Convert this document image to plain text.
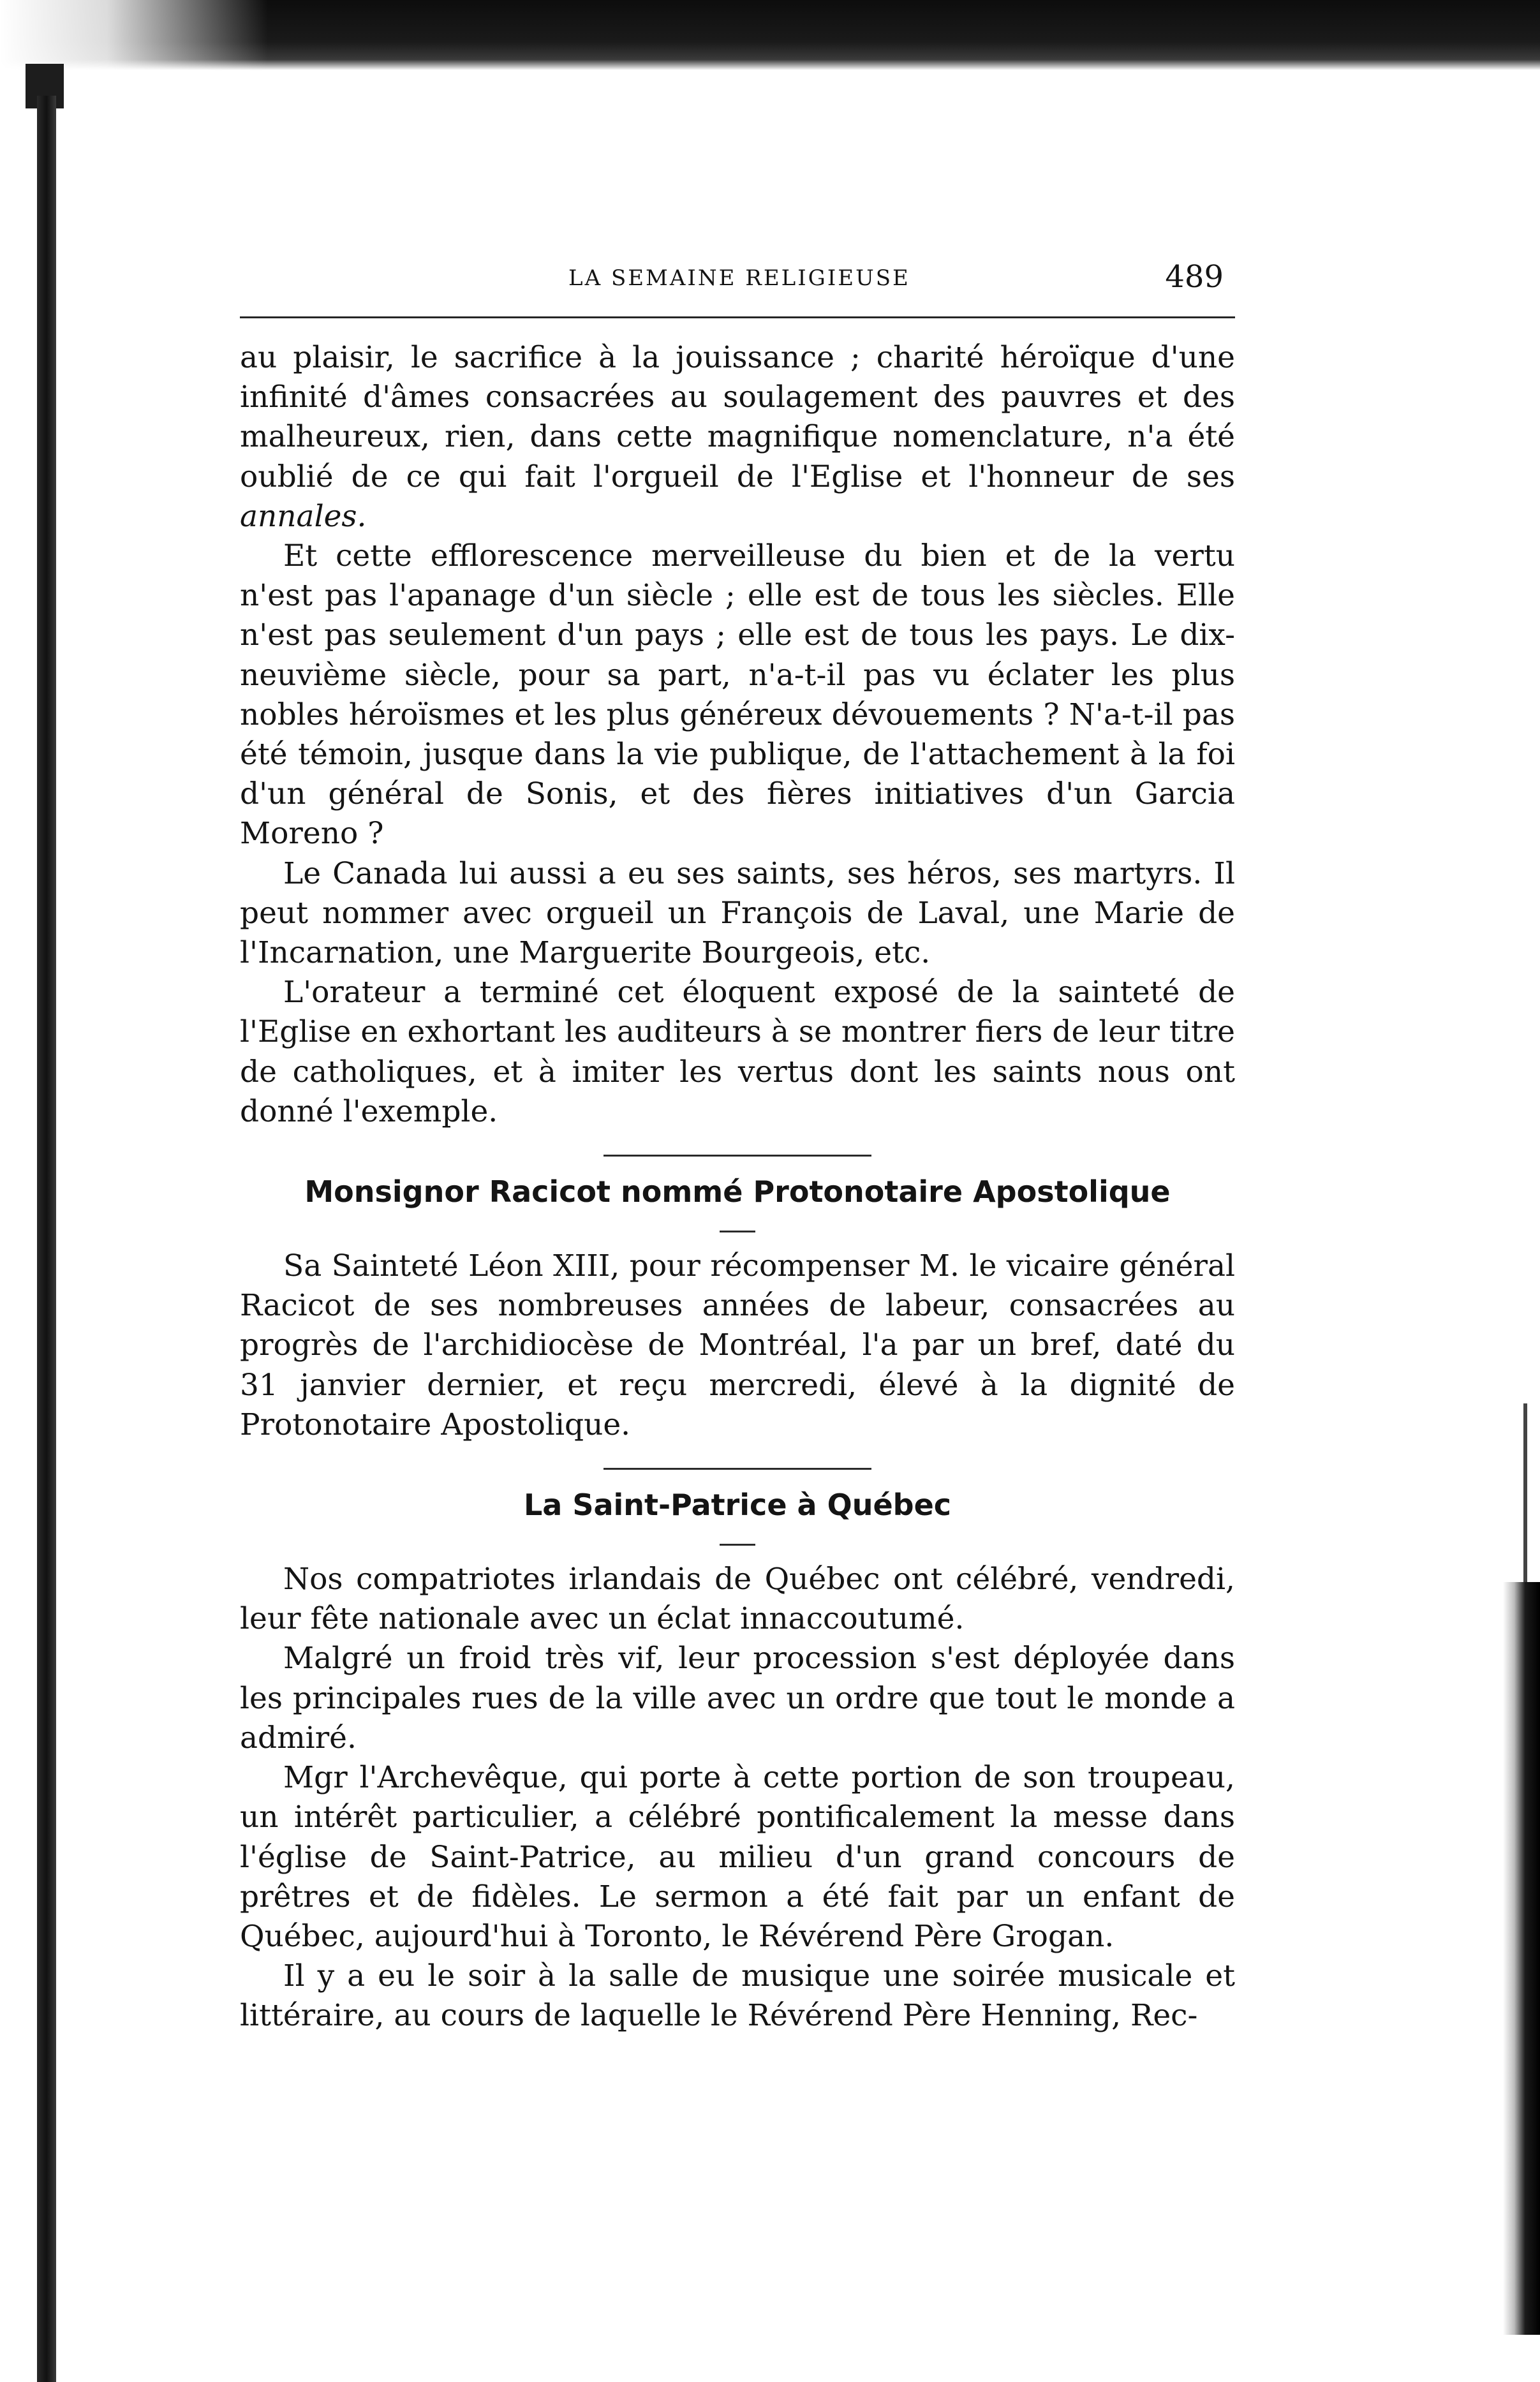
LA SEMAINE RELIGIEUSE	489

au plaisir, le sacrifice à la jouissance ; charité héroïque d'une infinité d'âmes consacrées au soulagement des pauvres et des malheureux, rien, dans cette magnifique nomenclature, n'a été oublié de ce qui fait l'orgueil de l'Eglise et l'honneur de ses annales.

Et cette efflorescence merveilleuse du bien et de la vertu n'est pas l'apanage d'un siècle ; elle est de tous les siècles. Elle n'est pas seulement d'un pays ; elle est de tous les pays. Le dix-neuvième siècle, pour sa part, n'a-t-il pas vu éclater les plus nobles héroïsmes et les plus généreux dévouements ? N'a-t-il pas été témoin, jusque dans la vie publique, de l'attachement à la foi d'un général de Sonis, et des fières initiatives d'un Garcia Moreno ?

Le Canada lui aussi a eu ses saints, ses héros, ses martyrs. Il peut nommer avec orgueil un François de Laval, une Marie de l'Incarnation, une Marguerite Bourgeois, etc.

L'orateur a terminé cet éloquent exposé de la sainteté de l'Eglise en exhortant les auditeurs à se montrer fiers de leur titre de catholiques, et à imiter les vertus dont les saints nous ont donné l'exemple.

Monsignor Racicot nommé Protonotaire Apostolique

Sa Sainteté Léon XIII, pour récompenser M. le vicaire général Racicot de ses nombreuses années de labeur, consacrées au progrès de l'archidiocèse de Montréal, l'a par un bref, daté du 31 janvier dernier, et reçu mercredi, élevé à la dignité de Protonotaire Apostolique.

La Saint-Patrice à Québec

Nos compatriotes irlandais de Québec ont célébré, vendredi, leur fête nationale avec un éclat innaccoutumé.

Malgré un froid très vif, leur procession s'est déployée dans les principales rues de la ville avec un ordre que tout le monde a admiré.

Mgr l'Archevêque, qui porte à cette portion de son troupeau, un intérêt particulier, a célébré pontificalement la messe dans l'église de Saint-Patrice, au milieu d'un grand concours de prêtres et de fidèles. Le sermon a été fait par un enfant de Québec, aujourd'hui à Toronto, le Révérend Père Grogan.

Il y a eu le soir à la salle de musique une soirée musicale et littéraire, au cours de laquelle le Révérend Père Henning, Rec-
